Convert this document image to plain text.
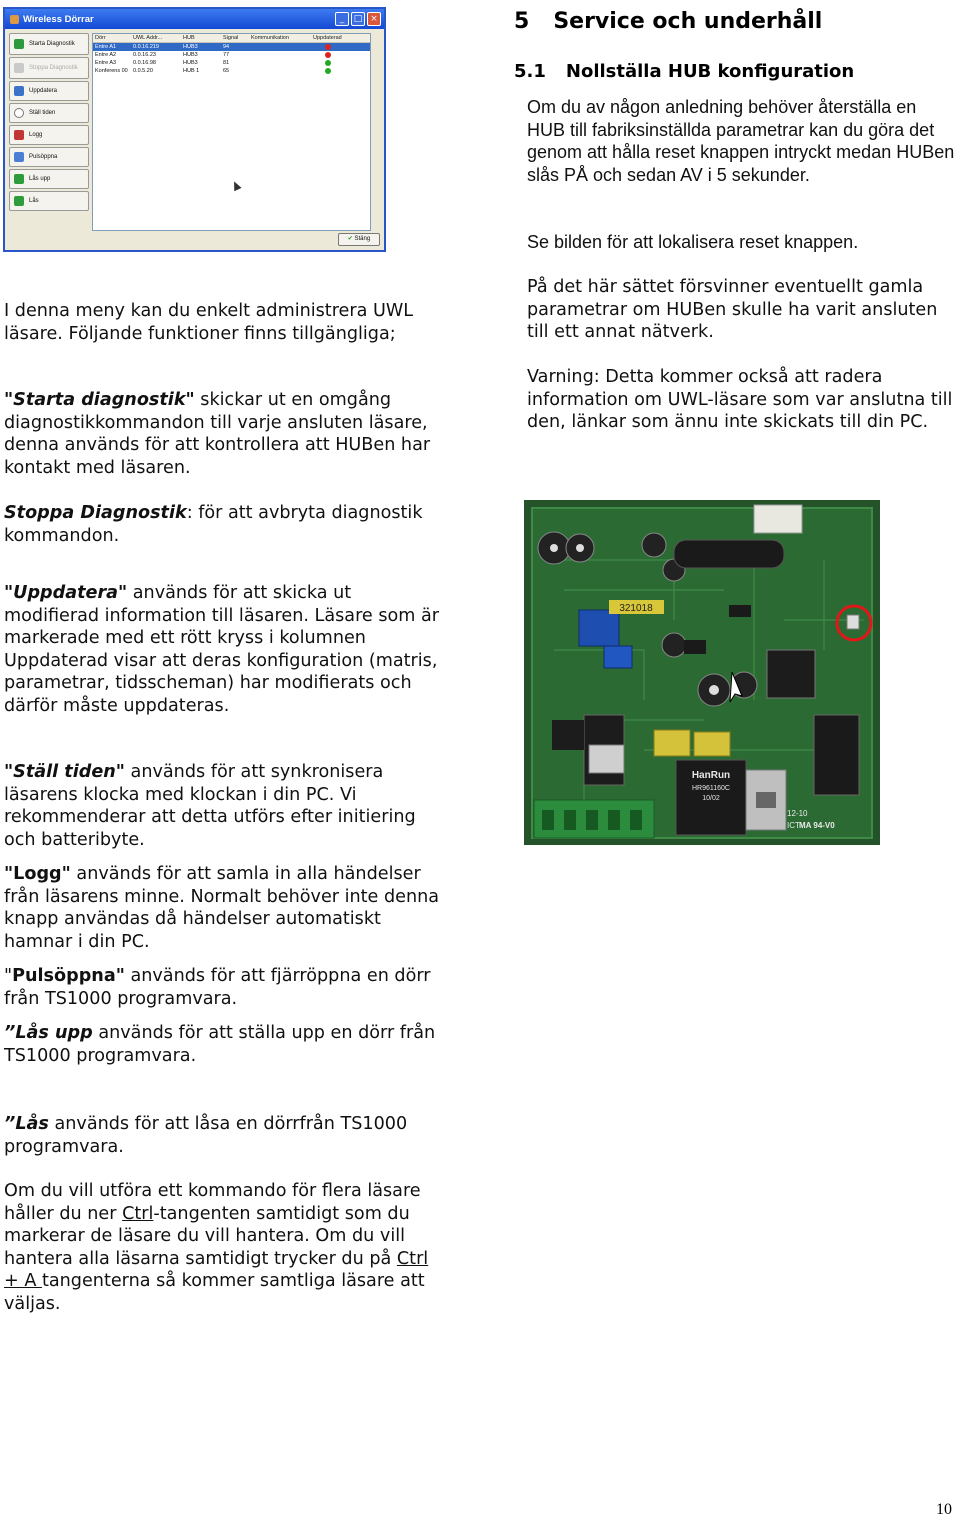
Wireless Dörrar	_	□ ×
Starta Diagnostik
Stoppa Diagnostik
Uppdatera
Ställ tiden
Logg
Pulsöppna
Lås upp
Lås
Dörr	UWL Addr...	HUB	Signal	Kommunikation	Uppdaterad
Entre A1	0.0.16.219	HUB3	94
Entre A2	0.0.16.23	HUB3	77
Entre A3	0.0.16.98	HUB3	81
Konferens 00 0.0.5.20	HUB 1	65
✔ Stäng
5 Service och underhåll
5.1 Nollställa HUB konfiguration
Om du av någon anledning behöver återställa en HUB till fabriksinställda parametrar kan du göra det genom att hålla reset knappen intryckt medan HUBen slås PÅ och sedan AV i 5 sekunder.
Se bilden för att lokalisera reset knappen.
På det här sättet försvinner eventuellt gamla parametrar om HUBen skulle ha varit ansluten till ett annat nätverk.
Varning: Detta kommer också att radera information om UWL-läsare som var anslutna till den, länkar som ännu inte skickats till din PC.
321018
HanRun
HR961160C
10/02
12-10
ICT MA 94-V0
I denna meny kan du enkelt administrera UWL läsare. Följande funktioner finns tillgängliga;
"Starta diagnostik" skickar ut en omgång diagnostikkommandon till varje ansluten läsare, denna används för att kontrollera att HUBen har kontakt med läsaren.
Stoppa Diagnostik: för att avbryta diagnostik kommandon.
"Uppdatera" används för att skicka ut modifierad information till läsaren. Läsare som är markerade med ett rött kryss i kolumnen Uppdaterad visar att deras konfiguration (matris, parametrar, tidsscheman) har modifierats och därför måste uppdateras.
"Ställ tiden" används för att synkronisera läsarens klocka med klockan i din PC. Vi rekommenderar att detta utförs efter initiering och batteribyte.
"Logg" används för att samla in alla händelser från läsarens minne. Normalt behöver inte denna knapp användas då händelser automatiskt hamnar i din PC.
"Pulsöppna" används för att fjärröppna en dörr från TS1000 programvara.
”Lås upp används för att ställa upp en dörr från TS1000 programvara.
”Lås används för att låsa en dörrfrån TS1000 programvara.
Om du vill utföra ett kommando för flera läsare håller du ner Ctrl-tangenten samtidigt som du markerar de läsare du vill hantera. Om du vill hantera alla läsarna samtidigt trycker du på Ctrl + A tangenterna så kommer samtliga läsare att väljas.
10
